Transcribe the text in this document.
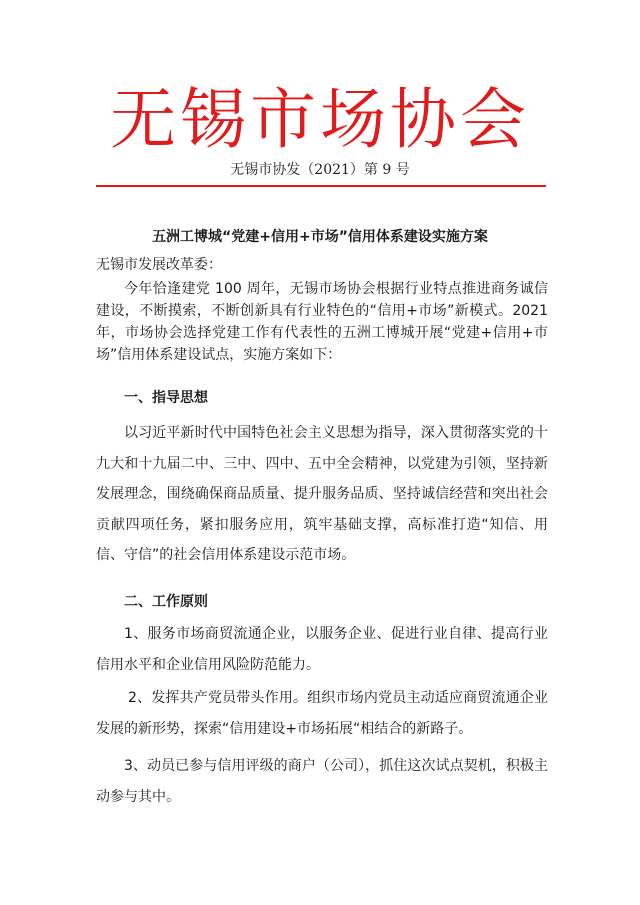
无锡市场协会
无锡市协发（2021）第 9 号
五洲工博城“党建+信用+市场”信用体系建设实施方案
无锡市发展改革委：
今年恰逢建党 100 周年，无锡市场协会根据行业特点推进商务诚信建设，不断摸索，不断创新具有行业特色的“信用+市场”新模式。2021 年，市场协会选择党建工作有代表性的五洲工博城开展“党建+信用+市场”信用体系建设试点，实施方案如下：
一、指导思想
以习近平新时代中国特色社会主义思想为指导，深入贯彻落实党的十九大和十九届二中、三中、四中、五中全会精神，以党建为引领，坚持新发展理念，围绕确保商品质量、提升服务品质、坚持诚信经营和突出社会贡献四项任务，紧扣服务应用，筑牢基础支撑，高标准打造“知信、用信、守信”的社会信用体系建设示范市场。
二、工作原则
1、服务市场商贸流通企业，以服务企业、促进行业自律、提高行业信用水平和企业信用风险防范能力。
2、发挥共产党员带头作用。组织市场内党员主动适应商贸流通企业发展的新形势，探索“信用建设+市场拓展“相结合的新路子。
3、动员已参与信用评级的商户（公司），抓住这次试点契机，积极主动参与其中。
